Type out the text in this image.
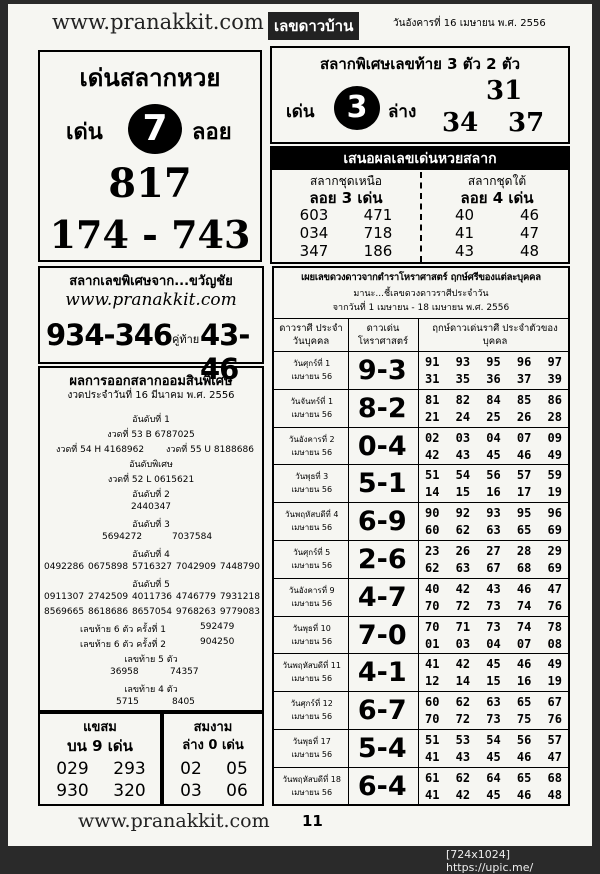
www.pranakkit.com เลขดาวบ้าน	วันอังคารที่ 16 เมษายน พ.ศ. 2556
เด่นสลากหวย
เด่น	7	ลอย
817
174 - 743
สลากพิเศษเลขท้าย 3 ตัว 2 ตัว
เด่น	3	ล่าง
31
34 37
เสนอผลเลขเด่นหวยสลาก
สลากชุดเหนือ
ลอย 3 เด่น
สลากชุดใต้
ลอย 4 เด่น
603 471
034 718
347 186
40	46
41	47
43	48
สลากเลขพิเศษจาก...ขวัญชัย
www.pranakkit.com
934-346 คู่ท้าย 43-46
ผลการออกสลากออมสินพิเศษ
งวดประจำวันที่ 16 มีนาคม พ.ศ. 2556
อันดับที่ 1
งวดที่ 53 B 6787025
งวดที่ 54 H 4168962 งวดที่ 55 U 8188686
อันดับพิเศษ
งวดที่ 52 L 0615621
อันดับที่ 2
2440347
อันดับที่ 3
5694272	7037584
อันดับที่ 4
0492286 0675898 5716327 7042909 7448790
อันดับที่ 5
0911307 2742509 4011736 4746779 7931218
8569665 8618686 8657054 9768263 9779083
เลขท้าย 6 ตัว ครั้งที่ 1	592479
เลขท้าย 6 ตัว ครั้งที่ 2	904250
เลขท้าย 5 ตัว
36958	74357
เลขท้าย 4 ตัว
5715	8405
แขสม
บน 9 เด่น
029 293
930 320
สมงาม
ล่าง 0 เด่น
02 05
03 06
เผยเลขดวงดาวจากตำราโหราศาสตร์ ฤกษ์ศรีของแต่ละบุคคล
มานะ...ชี้เลขดวงดาวราศีประจำวัน
จากวันที่ 1 เมษายน - 18 เมษายน พ.ศ. 2556
ดาวราศี ประจำวันบุคคล
ดาวเด่น โหราศาสตร์
ฤกษ์ดาวเด่นราศี ประจำตัวของบุคคล
วันศุกร์ที่ 1
เมษายน 56 9-3	91 93 95 96 97
31 35 36 37 39
วันจันทร์ที่ 1
เมษายน 56 8-2	81 82 84 85 86
21 24 25 26 28
วันอังคารที่ 2
เมษายน 56 0-4	02 03 04 07 09
42 43 45 46 49
วันพุธที่ 3
เมษายน 56 5-1	51 54 56 57 59
14 15 16 17 19
วันพฤหัสบดีที่ 4
เมษายน 56 6-9	90 92 93 95 96
60 62 63 65 69
วันศุกร์ที่ 5
เมษายน 56 2-6	23 26 27 28 29
62 63 67 68 69
วันอังคารที่ 9
เมษายน 56 4-7	40 42 43 46 47
70 72 73 74 76
วันพุธที่ 10
เมษายน 56 7-0	70 71 73 74 78
01 03 04 07 08
วันพฤหัสบดีที่ 11
เมษายน 56 4-1	41 42 45 46 49
12 14 15 16 19
วันศุกร์ที่ 12
เมษายน 56 6-7	60 62 63 65 67
70 72 73 75 76
วันพุธที่ 17
เมษายน 56 5-4	51 53 54 56 57
41 43 45 46 47
วันพฤหัสบดีที่ 18
เมษายน 56 6-4	61 62 64 65 68
41 42 45 46 48
www.pranakkit.com 11
[724x1024] https://upic.me/
